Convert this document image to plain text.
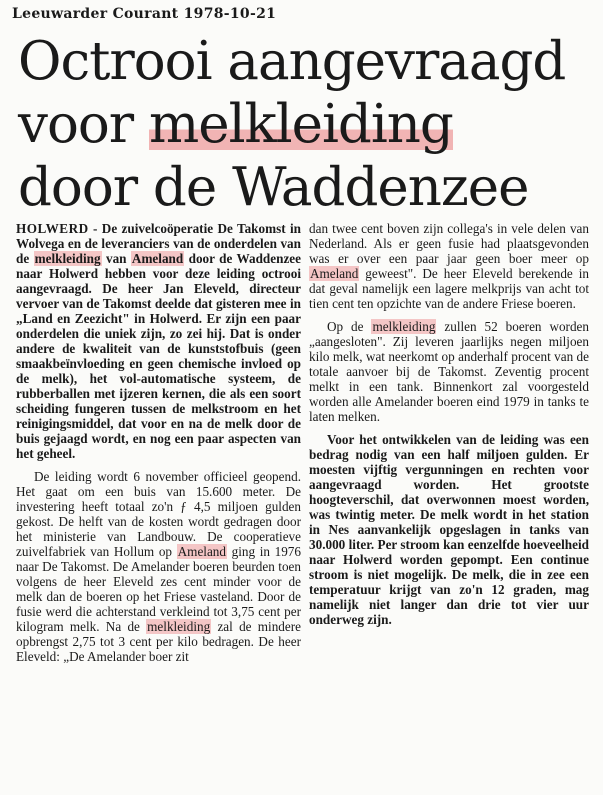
Leeuwarder Courant 1978-10-21
Octrooi aangevraagd
voor melkleiding
door de Waddenzee

HOLWERD - De zuivelcoöperatie De Takomst in Wolvega en de leveranciers van de onderdelen van de melkleiding van Ameland door de Waddenzee naar Holwerd hebben voor deze leiding octrooi aangevraagd. De heer Jan Eleveld, directeur vervoer van de Takomst deelde dat gisteren mee in „Land en Zeezicht" in Holwerd. Er zijn een paar onderdelen die uniek zijn, zo zei hij. Dat is onder andere de kwaliteit van de kunststofbuis (geen smaakbeïnvloeding en geen chemische invloed op de melk), het vol-automatische systeem, de rubberballen met ijzeren kernen, die als een soort scheiding fungeren tussen de melkstroom en het reinigingsmiddel, dat voor en na de melk door de buis gejaagd wordt, en nog een paar aspecten van het geheel.

De leiding wordt 6 november officieel geopend. Het gaat om een buis van 15.600 meter. De investering heeft totaal zo'n ƒ 4,5 miljoen gulden gekost. De helft van de kosten wordt gedragen door het ministerie van Landbouw. De cooperatieve zuivelfabriek van Hollum op Ameland ging in 1976 naar De Takomst. De Amelander boeren beurden toen volgens de heer Eleveld zes cent minder voor de melk dan de boeren op het Friese vasteland. Door de fusie werd die achterstand verkleind tot 3,75 cent per kilogram melk. Na de melkleiding zal de mindere opbrengst 2,75 tot 3 cent per kilo bedragen. De heer Eleveld: „De Amelander boer zit

dan twee cent boven zijn collega's in vele delen van Nederland. Als er geen fusie had plaatsgevonden was er over een paar jaar geen boer meer op Ameland geweest". De heer Eleveld berekende in dat geval namelijk een lagere melkprijs van acht tot tien cent ten opzichte van de andere Friese boeren.

Op de melkleiding zullen 52 boeren worden „aangesloten". Zij leveren jaarlijks negen miljoen kilo melk, wat neerkomt op anderhalf procent van de totale aanvoer bij de Takomst. Zeventig procent melkt in een tank. Binnenkort zal voorgesteld worden alle Amelander boeren eind 1979 in tanks te laten melken.

Voor het ontwikkelen van de leiding was een bedrag nodig van een half miljoen gulden. Er moesten vijftig vergunningen en rechten voor aangevraagd worden. Het grootste hoogteverschil, dat overwonnen moest worden, was twintig meter. De melk wordt in het station in Nes aanvankelijk opgeslagen in tanks van 30.000 liter. Per stroom kan eenzelfde hoeveelheid naar Holwerd worden gepompt. Een continue stroom is niet mogelijk. De melk, die in zee een temperatuur krijgt van zo'n 12 graden, mag namelijk niet langer dan drie tot vier uur onderweg zijn.
